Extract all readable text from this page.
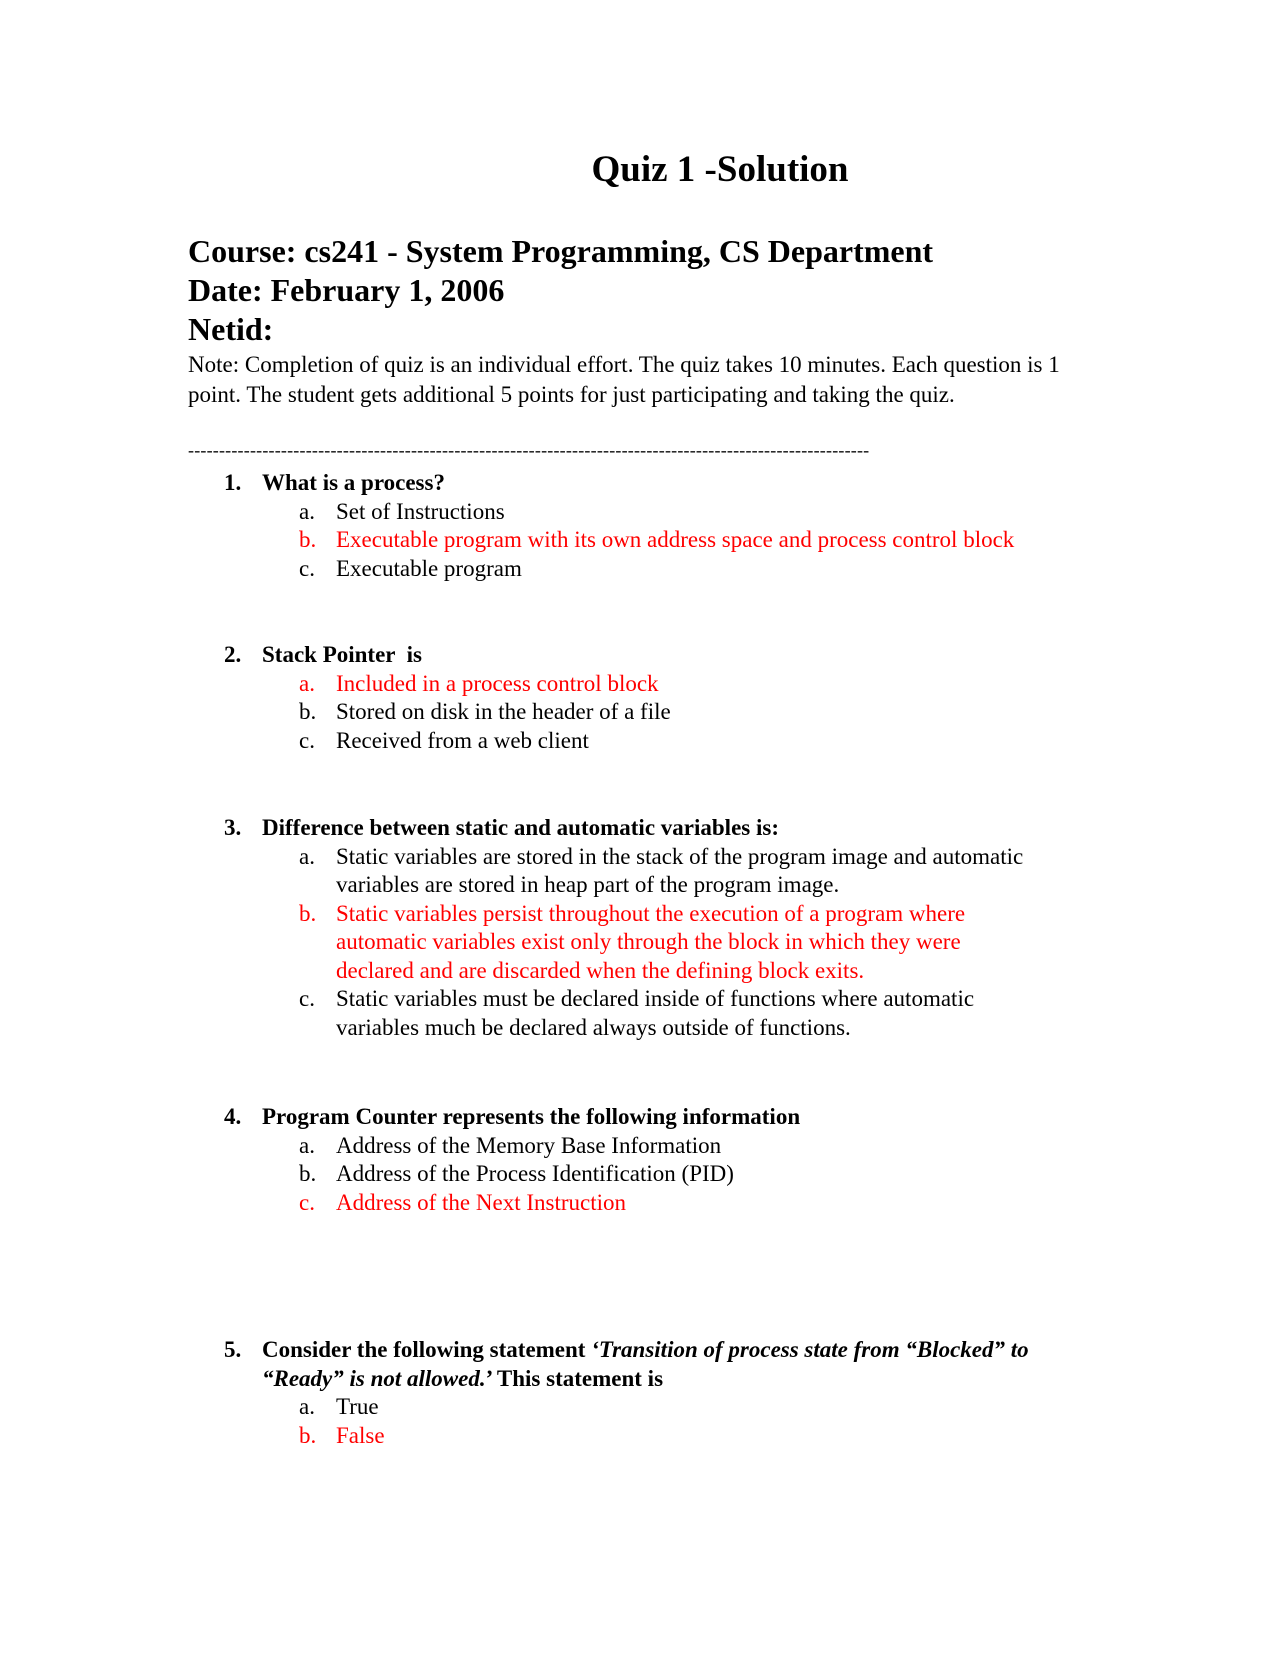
Quiz 1 -Solution
Course: cs241 - System Programming, CS Department
Date: February 1, 2006
Netid:

Note: Completion of quiz is an individual effort. The quiz takes 10 minutes. Each question is 1 point. The student gets additional 5 points for just participating and taking the quiz.

--------------------------------------------------------------------------------------------------------------
1. What is a process?
a. Set of Instructions
b. Executable program with its own address space and process control block
c. Executable program
2. Stack Pointer  is
a. Included in a process control block
b. Stored on disk in the header of a file
c. Received from a web client
3. Difference between static and automatic variables is:
a. Static variables are stored in the stack of the program image and automatic variables are stored in heap part of the program image.
b. Static variables persist throughout the execution of a program where automatic variables exist only through the block in which they were declared and are discarded when the defining block exits.
c. Static variables must be declared inside of functions where automatic variables much be declared always outside of functions.
4. Program Counter represents the following information
a. Address of the Memory Base Information
b. Address of the Process Identification (PID)
c. Address of the Next Instruction
5. Consider the following statement ‘Transition of process state from “Blocked” to “Ready” is not allowed.’ This statement is
a. True
b. False
